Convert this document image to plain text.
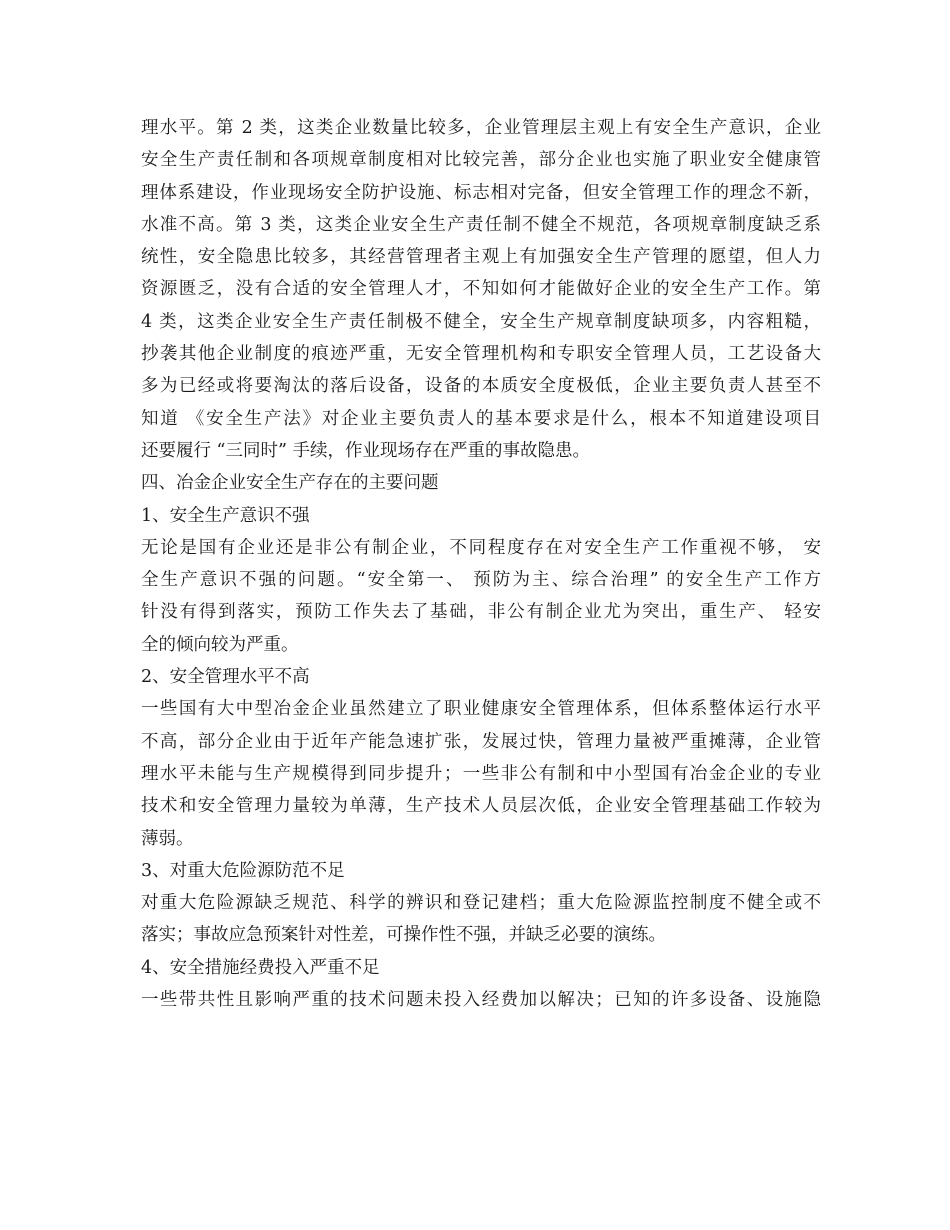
理水平。第 2 类，这类企业数量比较多，企业管理层主观上有安全生产意识，企业
安全生产责任制和各项规章制度相对比较完善，部分企业也实施了职业安全健康管
理体系建设，作业现场安全防护设施、标志相对完备，但安全管理工作的理念不新，
水准不高。第 3 类，这类企业安全生产责任制不健全不规范，各项规章制度缺乏系
统性，安全隐患比较多，其经营管理者主观上有加强安全生产管理的愿望，但人力
资源匮乏，没有合适的安全管理人才，不知如何才能做好企业的安全生产工作。第
4 类，这类企业安全生产责任制极不健全，安全生产规章制度缺项多，内容粗糙，
抄袭其他企业制度的痕迹严重，无安全管理机构和专职安全管理人员，工艺设备大
多为已经或将要淘汰的落后设备，设备的本质安全度极低，企业主要负责人甚至不
知道 《安全生产法》对企业主要负责人的基本要求是什么，根本不知道建设项目
还要履行 “三同时” 手续，作业现场存在严重的事故隐患。
四、冶金企业安全生产存在的主要问题
1、安全生产意识不强
无论是国有企业还是非公有制企业，不同程度存在对安全生产工作重视不够， 安
全生产意识不强的问题。“安全第一、 预防为主、综合治理” 的安全生产工作方
针没有得到落实，预防工作失去了基础，非公有制企业尤为突出，重生产、 轻安
全的倾向较为严重。
2、安全管理水平不高
一些国有大中型冶金企业虽然建立了职业健康安全管理体系，但体系整体运行水平
不高，部分企业由于近年产能急速扩张，发展过快，管理力量被严重摊薄，企业管
理水平未能与生产规模得到同步提升；一些非公有制和中小型国有冶金企业的专业
技术和安全管理力量较为单薄，生产技术人员层次低，企业安全管理基础工作较为
薄弱。
3、对重大危险源防范不足
对重大危险源缺乏规范、科学的辨识和登记建档；重大危险源监控制度不健全或不
落实；事故应急预案针对性差，可操作性不强，并缺乏必要的演练。
4、安全措施经费投入严重不足
一些带共性且影响严重的技术问题未投入经费加以解决；已知的许多设备、设施隐
